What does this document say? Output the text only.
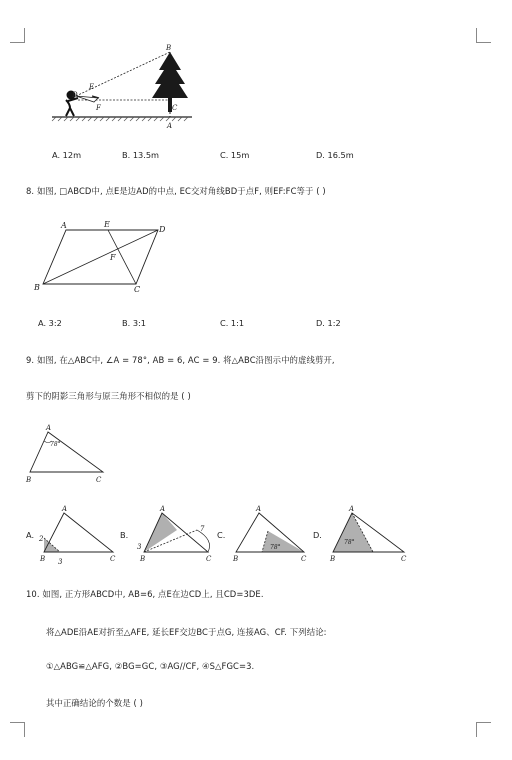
B
E
D
F	C
A
A. 12m	B. 13.5m	C. 15m	D. 16.5m
8. 如图, □ABCD中, 点E是边AD的中点, EC交对角线BD于点F, 则EF:FC等于 ( )
A	E
D
F
B	C
A. 3:2	B. 3:1	C. 1:1	D. 1:2
9. 如图, 在△ABC中, ∠A = 78°, AB = 6, AC = 9. 将△ABC沿图示中的虚线剪开,
剪下的阴影三角形与原三角形不相似的是 ( )
A
78°
B	C
A.	B.	C.	D.
A
B	C
2
3
A
B	C
3
7
A
78°
B	C
A
78°
B	C
10. 如图, 正方形ABCD中, AB=6, 点E在边CD上, 且CD=3DE.
将△ADE沿AE对折至△AFE, 延长EF交边BC于点G, 连接AG、CF. 下列结论:
①△ABG≌△AFG, ②BG=GC, ③AG//CF, ④S△FGC=3.
其中正确结论的个数是 ( )
